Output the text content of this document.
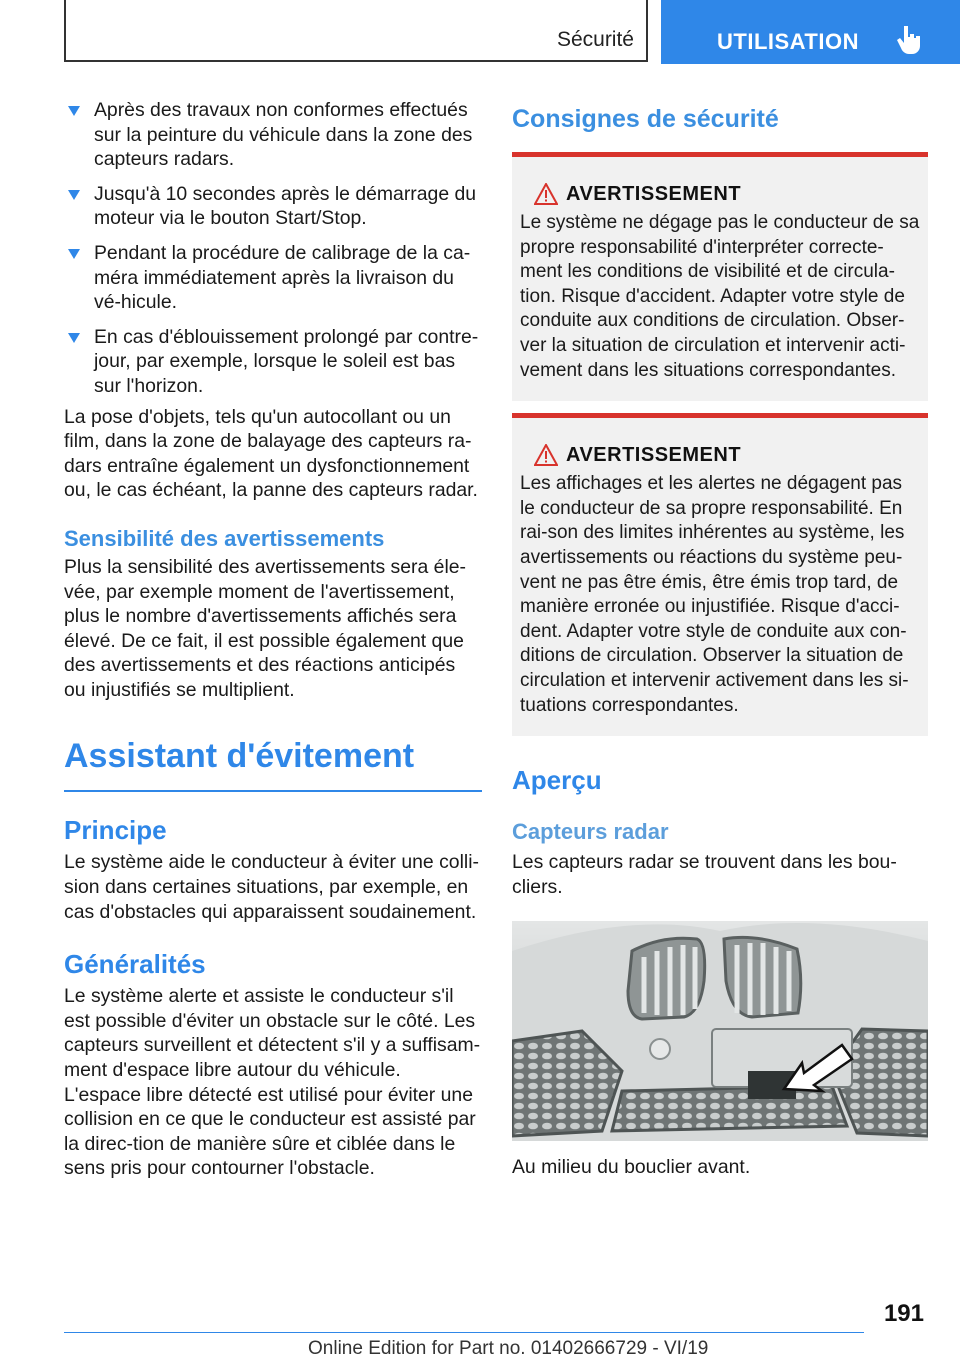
Sécurité	UTILISATION
Après des travaux non conformes effectués sur la peinture du véhicule dans la zone des capteurs radars.
Jusqu'à 10 secondes après le démarrage du moteur via le bouton Start/Stop.
Pendant la procédure de calibrage de la ca-méra immédiatement après la livraison du vé-hicule.
En cas d'éblouissement prolongé par contre-jour, par exemple, lorsque le soleil est bas sur l'horizon.

La pose d'objets, tels qu'un autocollant ou un film, dans la zone de balayage des capteurs ra-dars entraîne également un dysfonctionnement ou, le cas échéant, la panne des capteurs radar.

Sensibilité des avertissements

Plus la sensibilité des avertissements sera éle-vée, par exemple moment de l'avertissement, plus le nombre d'avertissements affichés sera élevé. De ce fait, il est possible également que des avertissements et des réactions anticipés ou injustifiés se multiplient.

Assistant d'évitement
Principe

Le système aide le conducteur à éviter une colli-sion dans certaines situations, par exemple, en cas d'obstacles qui apparaissent soudainement.

Généralités

Le système alerte et assiste le conducteur s'il est possible d'éviter un obstacle sur le côté. Les capteurs surveillent et détectent s'il y a suffisam-ment d'espace libre autour du véhicule. L'espace libre détecté est utilisé pour éviter une collision en ce que le conducteur est assisté par la direc-tion de manière sûre et ciblée dans le sens pris pour contourner l'obstacle.

Consignes de sécurité
AVERTISSEMENT

Le système ne dégage pas le conducteur de sa propre responsabilité d'interpréter correcte-ment les conditions de visibilité et de circula-tion. Risque d'accident. Adapter votre style de conduite aux conditions de circulation. Obser-ver la situation de circulation et intervenir acti-vement dans les situations correspondantes.

AVERTISSEMENT

Les affichages et les alertes ne dégagent pas le conducteur de sa propre responsabilité. En rai-son des limites inhérentes au système, les avertissements ou réactions du système peu-vent ne pas être émis, être émis trop tard, de manière erronée ou injustifiée. Risque d'acci-dent. Adapter votre style de conduite aux con-ditions de circulation. Observer la situation de circulation et intervenir activement dans les si-tuations correspondantes.

Aperçu
Capteurs radar

Les capteurs radar se trouvent dans les bou-cliers.

Au milieu du bouclier avant.

191
Online Edition for Part no. 01402666729 - VI/19
